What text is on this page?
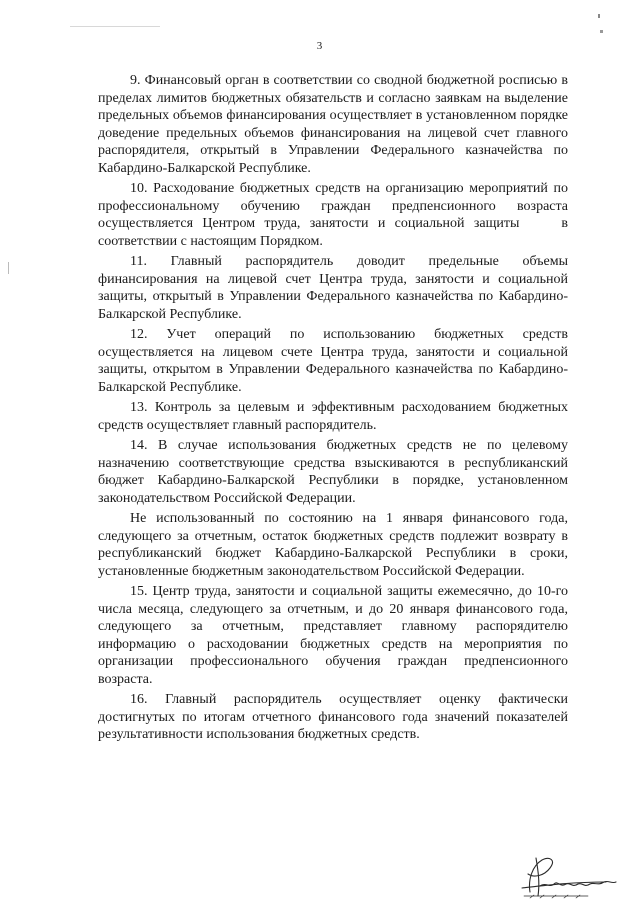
3

9. Финансовый орган в соответствии со сводной бюджетной росписью в пределах лимитов бюджетных обязательств и согласно заявкам на выделение предельных объемов финансирования осуществляет в установленном порядке доведение предельных объемов финансирования на лицевой счет главного распорядителя, открытый в Управлении Федерального казначейства по Кабардино-Балкарской Республике.

10. Расходование бюджетных средств на организацию мероприятий по профессиональному обучению граждан предпенсионного возраста осуществляется Центром труда, занятости и социальной защиты	в соответствии с настоящим Порядком.

11. Главный распорядитель доводит предельные объемы финансирования на лицевой счет Центра труда, занятости и социальной защиты, открытый в Управлении Федерального казначейства по Кабардино-Балкарской Республике.

12. Учет операций по использованию бюджетных средств осуществляется на лицевом счете Центра труда, занятости и социальной защиты, открытом в Управлении Федерального казначейства по Кабардино-Балкарской Республике.

13. Контроль за целевым и эффективным расходованием бюджетных средств осуществляет главный распорядитель.

14. В случае использования бюджетных средств не по целевому назначению соответствующие средства взыскиваются в республиканский бюджет Кабардино-Балкарской Республики в порядке, установленном законодательством Российской Федерации.

Не использованный по состоянию на 1 января финансового года, следующего за отчетным, остаток бюджетных средств подлежит возврату в республиканский бюджет Кабардино-Балкарской Республики в сроки, установленные бюджетным законодательством Российской Федерации.

15. Центр труда, занятости и социальной защиты ежемесячно, до 10-го числа месяца, следующего за отчетным, и до 20 января финансового года, следующего за отчетным, представляет главному распорядителю информацию о расходовании бюджетных средств на мероприятия по организации профессионального обучения граждан предпенсионного возраста.

16. Главный распорядитель осуществляет оценку фактически достигнутых по итогам отчетного финансового года значений показателей результативности использования бюджетных средств.
